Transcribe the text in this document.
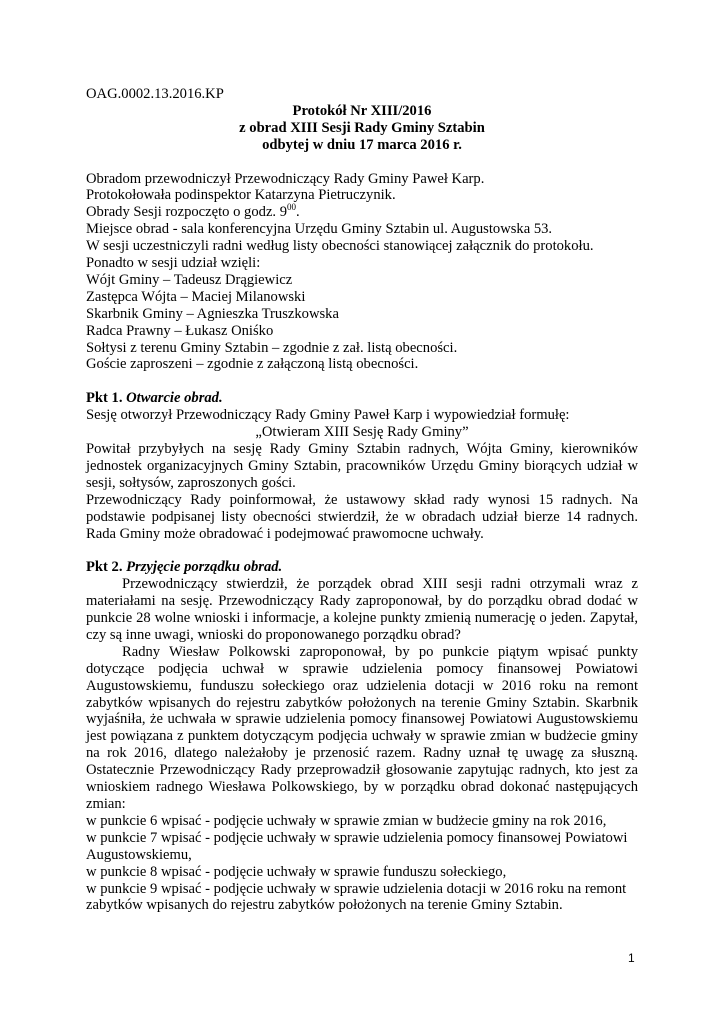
OAG.0002.13.2016.KP

Protokół Nr XIII/2016

z obrad XIII Sesji Rady Gminy Sztabin

odbytej w dniu 17 marca 2016 r.

Obradom przewodniczył Przewodniczący Rady Gminy Paweł Karp.

Protokołowała podinspektor Katarzyna Pietruczynik.

Obrady Sesji rozpoczęto o godz. $9^{00}$.

Miejsce obrad - sala konferencyjna Urzędu Gminy Sztabin ul. Augustowska 53.

W sesji uczestniczyli radni według listy obecności stanowiącej załącznik do protokołu.

Ponadto w sesji udział wzięli:

Wójt Gminy – Tadeusz Drągiewicz

Zastępca Wójta – Maciej Milanowski

Skarbnik Gminy – Agnieszka Truszkowska

Radca Prawny – Łukasz Oniśko

Sołtysi z terenu Gminy Sztabin – zgodnie z zał. listą obecności.

Goście zaproszeni – zgodnie z załączoną listą obecności.

Pkt 1. Otwarcie obrad.

Sesję otworzył Przewodniczący Rady Gminy Paweł Karp i wypowiedział formułę:

„Otwieram XIII Sesję Rady Gminy”

Powitał przybyłych na sesję Rady Gminy Sztabin radnych, Wójta Gminy, kierowników jednostek organizacyjnych Gminy Sztabin, pracowników Urzędu Gminy biorących udział w sesji, sołtysów, zaproszonych gości.

Przewodniczący Rady poinformował, że ustawowy skład rady wynosi 15 radnych. Na podstawie podpisanej listy obecności stwierdził, że w obradach udział bierze 14 radnych. Rada Gminy może obradować i podejmować prawomocne uchwały.

Pkt 2. Przyjęcie porządku obrad.

Przewodniczący stwierdził, że porządek obrad XIII sesji radni otrzymali wraz z materiałami na sesję. Przewodniczący Rady zaproponował, by do porządku obrad dodać w punkcie 28 wolne wnioski i informacje, a kolejne punkty zmienią numerację o jeden. Zapytał, czy są inne uwagi, wnioski do proponowanego porządku obrad?

Radny Wiesław Polkowski zaproponował, by po punkcie piątym wpisać punkty dotyczące podjęcia uchwał w sprawie udzielenia pomocy finansowej Powiatowi Augustowskiemu, funduszu sołeckiego oraz udzielenia dotacji w 2016 roku na remont zabytków wpisanych do rejestru zabytków położonych na terenie Gminy Sztabin. Skarbnik wyjaśniła, że uchwała w sprawie udzielenia pomocy finansowej Powiatowi Augustowskiemu jest powiązana z punktem dotyczącym podjęcia uchwały w sprawie zmian w budżecie gminy na rok 2016, dlatego należałoby je przenosić razem. Radny uznał tę uwagę za słuszną. Ostatecznie Przewodniczący Rady przeprowadził głosowanie zapytując radnych, kto jest za wnioskiem radnego Wiesława Polkowskiego, by w porządku obrad dokonać następujących zmian:

w punkcie 6 wpisać - podjęcie uchwały w sprawie zmian w budżecie gminy na rok 2016,

w punkcie 7 wpisać - podjęcie uchwały w sprawie udzielenia pomocy finansowej Powiatowi Augustowskiemu,

w punkcie 8 wpisać - podjęcie uchwały w sprawie funduszu sołeckiego,

w punkcie 9 wpisać - podjęcie uchwały w sprawie udzielenia dotacji w 2016 roku na remont zabytków wpisanych do rejestru zabytków położonych na terenie Gminy Sztabin.

1
